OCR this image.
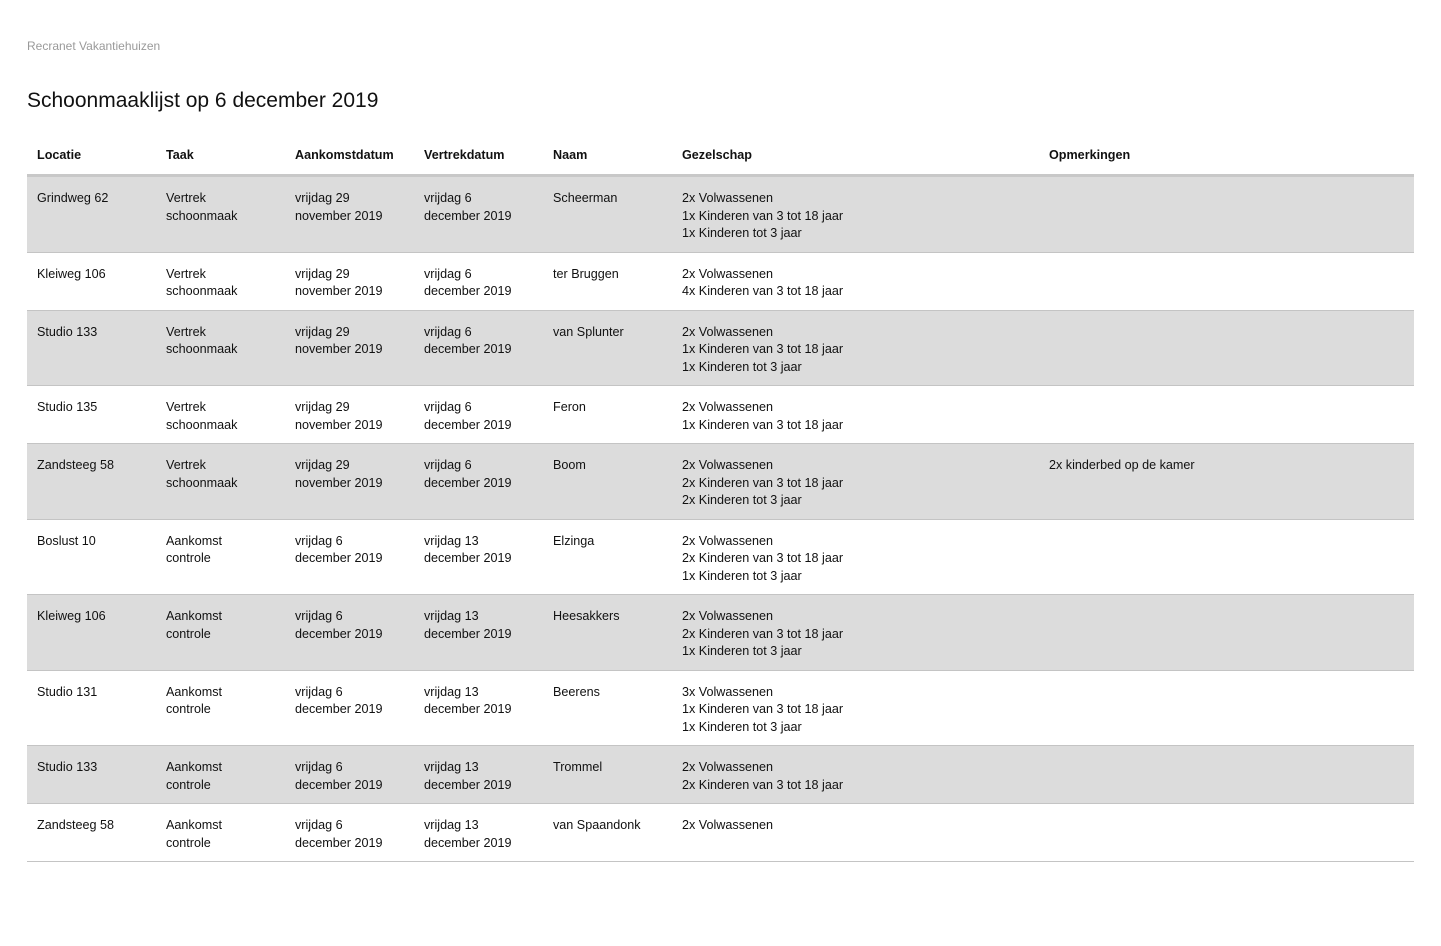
Recranet Vakantiehuizen
Schoonmaaklijst op 6 december 2019
Locatie	Taak	Aankomstdatum	Vertrekdatum	Naam	Gezelschap	Opmerkingen
Grindweg 62	Vertrek
schoonmaak	vrijdag 29
november 2019	vrijdag 6
december 2019	Scheerman	2x Volwassenen
1x Kinderen van 3 tot 18 jaar
1x Kinderen tot 3 jaar	

Kleiweg 106	Vertrek
schoonmaak	vrijdag 29
november 2019	vrijdag 6
december 2019	ter Bruggen	2x Volwassenen
4x Kinderen van 3 tot 18 jaar	

Studio 133	Vertrek
schoonmaak	vrijdag 29
november 2019	vrijdag 6
december 2019	van Splunter	2x Volwassenen
1x Kinderen van 3 tot 18 jaar
1x Kinderen tot 3 jaar	

Studio 135	Vertrek
schoonmaak	vrijdag 29
november 2019	vrijdag 6
december 2019	Feron	2x Volwassenen
1x Kinderen van 3 tot 18 jaar	

Zandsteeg 58	Vertrek
schoonmaak	vrijdag 29
november 2019	vrijdag 6
december 2019	Boom	2x Volwassenen
2x Kinderen van 3 tot 18 jaar
2x Kinderen tot 3 jaar	2x kinderbed op de kamer
Boslust 10	Aankomst
controle	vrijdag 6
december 2019	vrijdag 13
december 2019	Elzinga	2x Volwassenen
2x Kinderen van 3 tot 18 jaar
1x Kinderen tot 3 jaar	

Kleiweg 106	Aankomst
controle	vrijdag 6
december 2019	vrijdag 13
december 2019	Heesakkers	2x Volwassenen
2x Kinderen van 3 tot 18 jaar
1x Kinderen tot 3 jaar	

Studio 131	Aankomst
controle	vrijdag 6
december 2019	vrijdag 13
december 2019	Beerens	3x Volwassenen
1x Kinderen van 3 tot 18 jaar
1x Kinderen tot 3 jaar	

Studio 133	Aankomst
controle	vrijdag 6
december 2019	vrijdag 13
december 2019	Trommel	2x Volwassenen
2x Kinderen van 3 tot 18 jaar	

Zandsteeg 58	Aankomst
controle	vrijdag 6
december 2019	vrijdag 13
december 2019	van Spaandonk	2x Volwassenen	
